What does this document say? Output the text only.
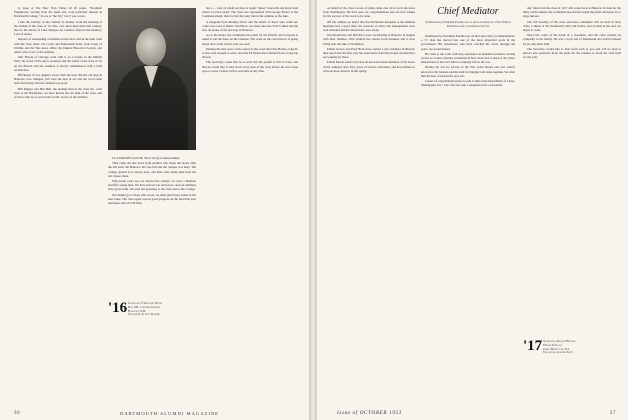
ly issue of The New York Times all 40 pages, "President Eisenhower, turning from his usual text, took particular interest in Dartmouth College." It was at "the Ivy," but it was a note.

I like the sobriety of the comedy in another, from the meeting of the alumni of the class of '16 who, ever since their third half century, met by the shores of Lake Sunapee for reunion, interest and memory. Loss of letters.

Reports of outstanding classmates in the news and in the mail went with the class letter: the Colby and Dartmouth Fund, Jack Green of Wichita and the Yale news office; the Dakota Historical Society, and others who wrote of the summer.

Mac Bryant of Chicago went with it on a lecture in the Middle West; the travel of the day is recalled; and the winter of the class of '16 on the Boston and the seashore is always remembered with a fond recollection.

Bill Roper of Los Angeles wrote from the west that the old days in Hanover, now changed, still were the best of all; and the word came back from many that the reunion was good.

Bill Riggert and Ben Bell, the leading men in the class list, went back to the Berkshires; we have known the old men of the class, and of those who do so well in the world. A note of the summer.

CLASSMATES: Karl M. Stern '16 (l) at annual dinner.

Then came the late news from Alumni who made the house after the fall term: the Hanover Inn was full and the campus was busy. The college opened as it always does, and there were many men from the old classes there.

Fifty-seven years ago we entered the college; we were a hundred and fifty young men. We have known war and peace, and our numbers have grown thin. We send our greetings to the class and to the College.

Our thanks go to those who wrote; we shall print more letters in the next issue. The class agent reports good progress on the fund this year and hopes that all will help.

'16 Secretary, F. Richard Wood,
Box 100, Lakeside Avenue,
Hanover, N.H.
Treasurer, E. Guy Haskins

has a — four of whom are here to begin "tiptop" farewells and more from whom we have heard. The class was represented with George Emery at the Commencement; then we had the long visit in the summer at the lake.

A telegram from Rodney Dowd and the letters of those who could not come were read at dinner. Jim Howe was there and also Fred Collins and the rest; all spoke of the old days in Hanover.

As to the future, the committee has plans for the fiftieth, and everyone is asked to put the dates on his calendar. The work on the class history is going ahead and a draft will be sent out soon.

Perhaps the best news of the season is the word that Chet Barnes, long ill, is now well enough to write, and that Ed Morris has returned from a long trip abroad.

The Secretary writes that he is well, that his garden is full of roses, and that he would like to hear from every man of the class before the next issue goes to press. Letters will be welcome at any time.

36	DARTMOUTH ALUMNI MAGAZINE

on behalf of the class. A note of pride came over all of us in the news from Washington. We have sent our congratulations and our best wishes for the success of the work to be done.

Off the campus we heard that the Dartmouth delegates at the national meetings had a good time; the sessions on labor and management were well attended and the discussions were lively.

Jim Morehouse and Bill Ross were vacationing at Hanover in August with their families. Walt Aldrich has retired from business and is now living near the lake at Wolfeboro.

Edwin Graves and Fred Buck have started a new business in Boston; they report that the first year has been better than they hoped and that they are looking for more.

Edwin Moran sends word that he has been made chairman of the board of his company after forty years of service with them, and he promises to write us more about it in the spring.

Chief Mediator
Nominated by President Eisenhower to serve as Director of the Federal Mediation and Conciliation Service

Nominated by President Eisenhower on his Labor Day recommendation, a '17 man has moved into one of the most important posts in the government. His classmates, who have watched his career through the years, are proud indeed.

He came to the work with long experience in industrial relations, having served as a labor relations consultant in New York and as head of the Labor Department of the Ford Motor Company before the war.

During the war he served on the War Labor Board and was widely known for his fairness and his skill in bringing both sides together. We wish him the best of luck in his new job.

Letters of congratulation may be sent to him at the Department of Labor, Washington, D.C. The class has sent a telegram on its own behalf.

day. Men from the class of 1917 will come back to Hanover in June for the thirty-sixth reunion; the committee has already begun the plans and hopes for a large turnout.

The fall meeting of the class executive committee will be held in New York; a dinner at the Dartmouth Club will follow, and all men in the area are urged to come.

Word has come of the death of a classmate, and the class extends its sympathy to his family. He was a loyal son of Dartmouth and will be missed by all who knew him.

The Secretary would like to hear from each of you and will be glad to answer any questions about the plans for the reunion or about the class fund for the year.

'17 Secretary, Donald Brooks,
8 Park Terrace,
Upper Montclair, N.J.
Treasurer, Gordon Kent
Issue of OCTOBER 1953	37
